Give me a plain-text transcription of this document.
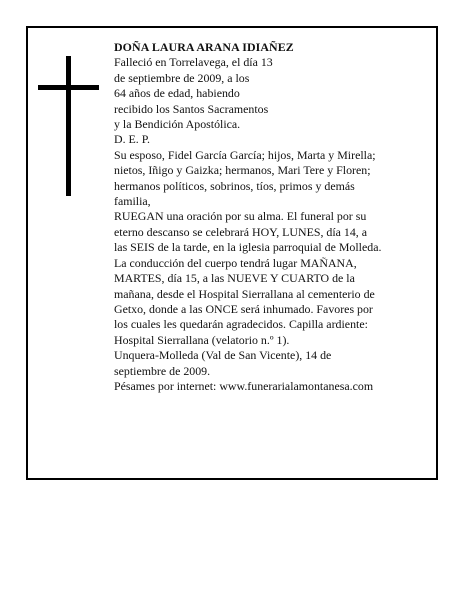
DOÑA LAURA ARANA IDIAÑEZ

Falleció en Torrelavega, el día 13

de septiembre de 2009, a los

64 años de edad, habiendo

recibido los Santos Sacramentos

y la Bendición Apostólica.

D. E. P.

Su esposo, Fidel García García; hijos, Marta y Mirella;

nietos, Iñigo y Gaizka; hermanos, Mari Tere y Floren;

hermanos políticos, sobrinos, tíos, primos y demás

familia,

RUEGAN una oración por su alma. El funeral por su

eterno descanso se celebrará HOY, LUNES, día 14, a

las SEIS de la tarde, en la iglesia parroquial de Molleda.

La conducción del cuerpo tendrá lugar MAÑANA,

MARTES, día 15, a las NUEVE Y CUARTO de la

mañana, desde el Hospital Sierrallana al cementerio de

Getxo, donde a las ONCE será inhumado. Favores por

los cuales les quedarán agradecidos. Capilla ardiente:

Hospital Sierrallana (velatorio n.º 1).

Unquera-Molleda (Val de San Vicente), 14 de

septiembre de 2009.

Pésames por internet: www.funerarialamontanesa.com
